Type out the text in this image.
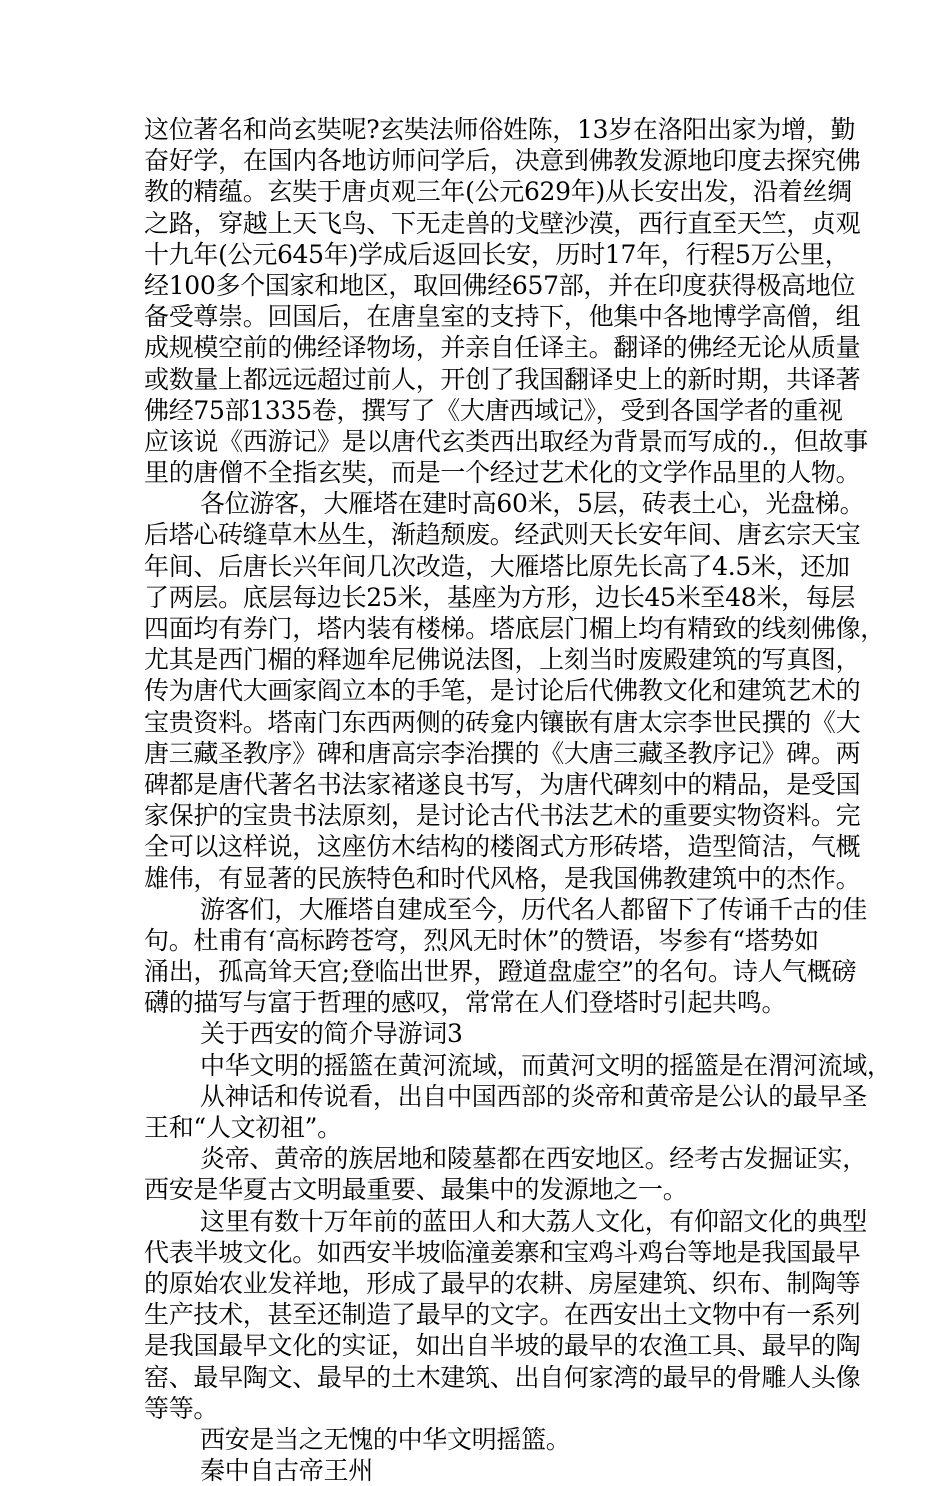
这位著名和尚玄奘呢?玄奘法师俗姓陈，13岁在洛阳出家为增，勤
奋好学，在国内各地访师问学后，决意到佛教发源地印度去探究佛
教的精蕴。玄奘于唐贞观三年(公元629年)从长安出发，沿着丝绸
之路，穿越上天飞鸟、下无走兽的戈壁沙漠，西行直至天竺，贞观
十九年(公元645年)学成后返回长安，历时17年，行程5万公里，
经100多个国家和地区，取回佛经657部，并在印度获得极高地位
备受尊崇。回国后，在唐皇室的支持下，他集中各地博学高僧，组
成规模空前的佛经译物场，并亲自任译主。翻译的佛经无论从质量
或数量上都远远超过前人，开创了我国翻译史上的新时期，共译著
佛经75部1335卷，撰写了《大唐西域记》，受到各国学者的重视
应该说《西游记》是以唐代玄类西出取经为背景而写成的.，但故事
里的唐僧不全指玄奘，而是一个经过艺术化的文学作品里的人物。
各位游客，大雁塔在建时高60米，5层，砖表土心，光盘梯。
后塔心砖缝草木丛生，渐趋颓废。经武则天长安年间、唐玄宗天宝
年间、后唐长兴年间几次改造，大雁塔比原先长高了4.5米，还加
了两层。底层每边长25米，基座为方形，边长45米至48米，每层
四面均有券门，塔内装有楼梯。塔底层门楣上均有精致的线刻佛像，
尤其是西门楣的释迦牟尼佛说法图，上刻当时废殿建筑的写真图，
传为唐代大画家阎立本的手笔，是讨论后代佛教文化和建筑艺术的
宝贵资料。塔南门东西两侧的砖龛内镶嵌有唐太宗李世民撰的《大
唐三藏圣教序》碑和唐高宗李治撰的《大唐三藏圣教序记》碑。两
碑都是唐代著名书法家褚遂良书写，为唐代碑刻中的精品，是受国
家保护的宝贵书法原刻，是讨论古代书法艺术的重要实物资料。完
全可以这样说，这座仿木结构的楼阁式方形砖塔，造型简洁，气概
雄伟，有显著的民族特色和时代风格，是我国佛教建筑中的杰作。
游客们，大雁塔自建成至今，历代名人都留下了传诵千古的佳
句。杜甫有‘高标跨苍穹，烈风无时休”的赞语，岑参有“塔势如
涌出，孤高耸天宫;登临出世界，蹬道盘虚空”的名句。诗人气概磅
礴的描写与富于哲理的感叹，常常在人们登塔时引起共鸣。
关于西安的简介导游词3
中华文明的摇篮在黄河流域，而黄河文明的摇篮是在渭河流域，
从神话和传说看，出自中国西部的炎帝和黄帝是公认的最早圣
王和“人文初祖”。
炎帝、黄帝的族居地和陵墓都在西安地区。经考古发掘证实，
西安是华夏古文明最重要、最集中的发源地之一。
这里有数十万年前的蓝田人和大荔人文化，有仰韶文化的典型
代表半坡文化。如西安半坡临潼姜寨和宝鸡斗鸡台等地是我国最早
的原始农业发祥地，形成了最早的农耕、房屋建筑、织布、制陶等
生产技术，甚至还制造了最早的文字。在西安出土文物中有一系列
是我国最早文化的实证，如出自半坡的最早的农渔工具、最早的陶
窑、最早陶文、最早的土木建筑、出自何家湾的最早的骨雕人头像
等等。
西安是当之无愧的中华文明摇篮。
秦中自古帝王州
